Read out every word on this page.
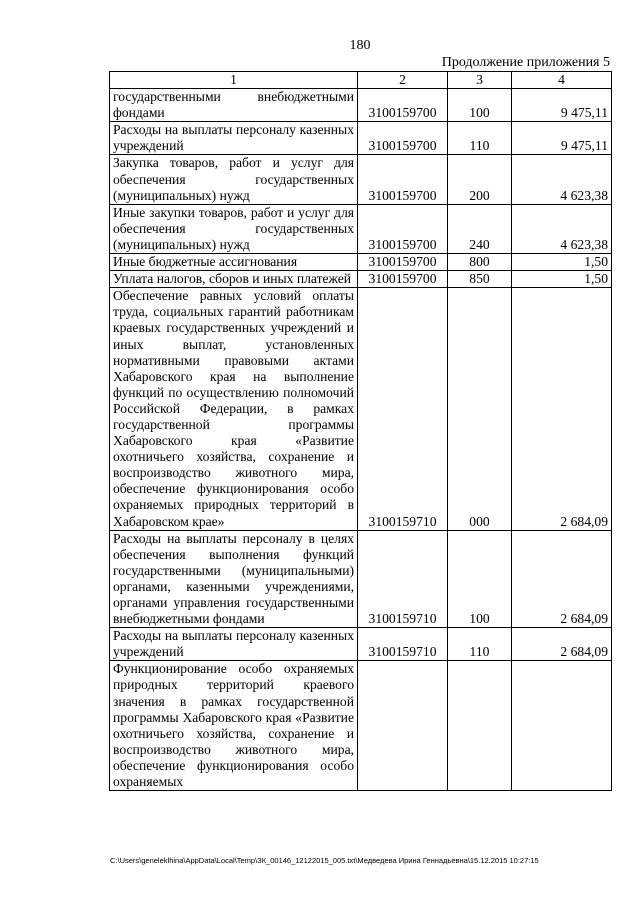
180
Продолжение приложения 5
1	2	3	4
государственными внебюджетными фондами	3100159700	100	9 475,11
Расходы на выплаты персоналу казенных учреждений	3100159700	110	9 475,11
Закупка товаров, работ и услуг для обеспечения государственных (муниципальных) нужд	3100159700	200	4 623,38
Иные закупки товаров, работ и услуг для обеспечения государственных (муниципальных) нужд	3100159700	240	4 623,38
Иные бюджетные ассигнования	3100159700	800	1,50
Уплата налогов, сборов и иных платежей	3100159700	850	1,50
Обеспечение равных условий оплаты труда, социальных гарантий работникам краевых государственных учреждений и иных выплат, установленных нормативными правовыми актами Хабаровского края на выполнение функций по осуществлению полномочий Российской Федерации, в рамках государственной программы Хабаровского края «Развитие охотничьего хозяйства, сохранение и воспроизводство животного мира, обеспечение функционирования особо охраняемых природных территорий в Хабаровском крае»	3100159710	000	2 684,09
Расходы на выплаты персоналу в целях обеспечения выполнения функций государственными (муниципальными) органами, казенными учреждениями, органами управления государственными внебюджетными фондами	3100159710	100	2 684,09
Расходы на выплаты персоналу казенных учреждений	3100159710	110	2 684,09
Функционирование особо охраняемых природных территорий краевого значения в рамках государственной программы Хабаровского края «Развитие охотничьего хозяйства, сохранение и воспроизводство животного мира, обеспечение функционирования особо охраняемых			
C:\Users\geneleklhina\AppData\Local\Temp\ЗК_00146_12122015_005.txt\Медведева Ирина Геннадьевна\15.12.2015 10:27:15
